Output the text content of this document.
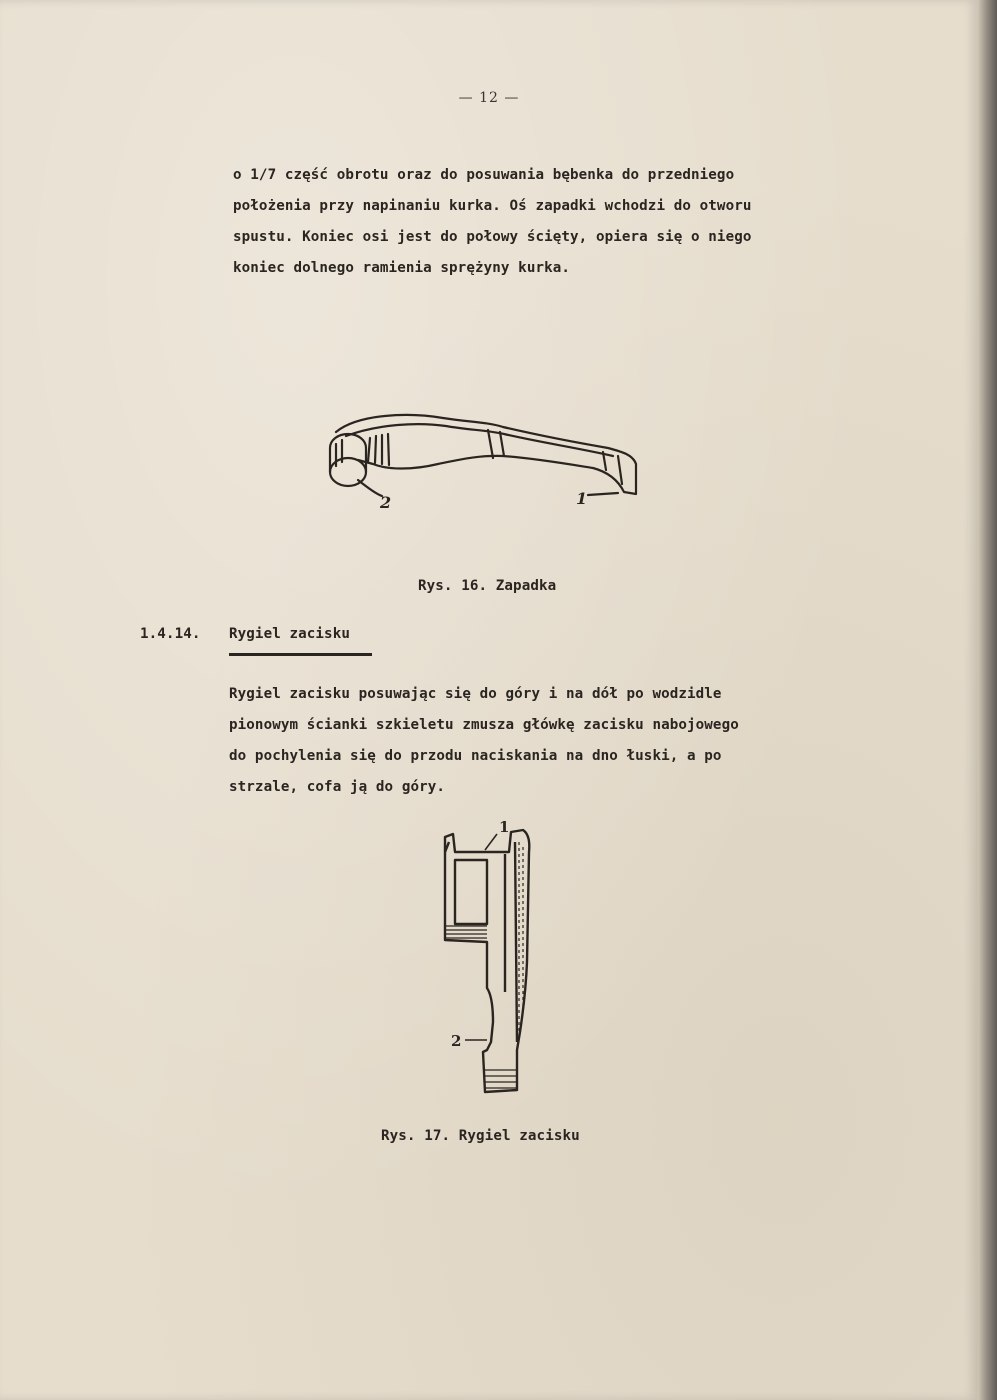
— 12 —
o 1/7 część obrotu oraz do posuwania bębenka do przedniego
położenia przy napinaniu kurka. Oś zapadki wchodzi do otworu
spustu. Koniec osi jest do połowy ścięty, opiera się o niego
koniec dolnego ramienia sprężyny kurka.
2	1
Rys. 16. Zapadka
1.4.14. Rygiel zacisku
Rygiel zacisku posuwając się do góry i na dół po wodzidle
pionowym ścianki szkieletu zmusza główkę zacisku nabojowego
do pochylenia się do przodu naciskania na dno łuski, a po
strzale, cofa ją do góry.
1
2
Rys. 17. Rygiel zacisku
